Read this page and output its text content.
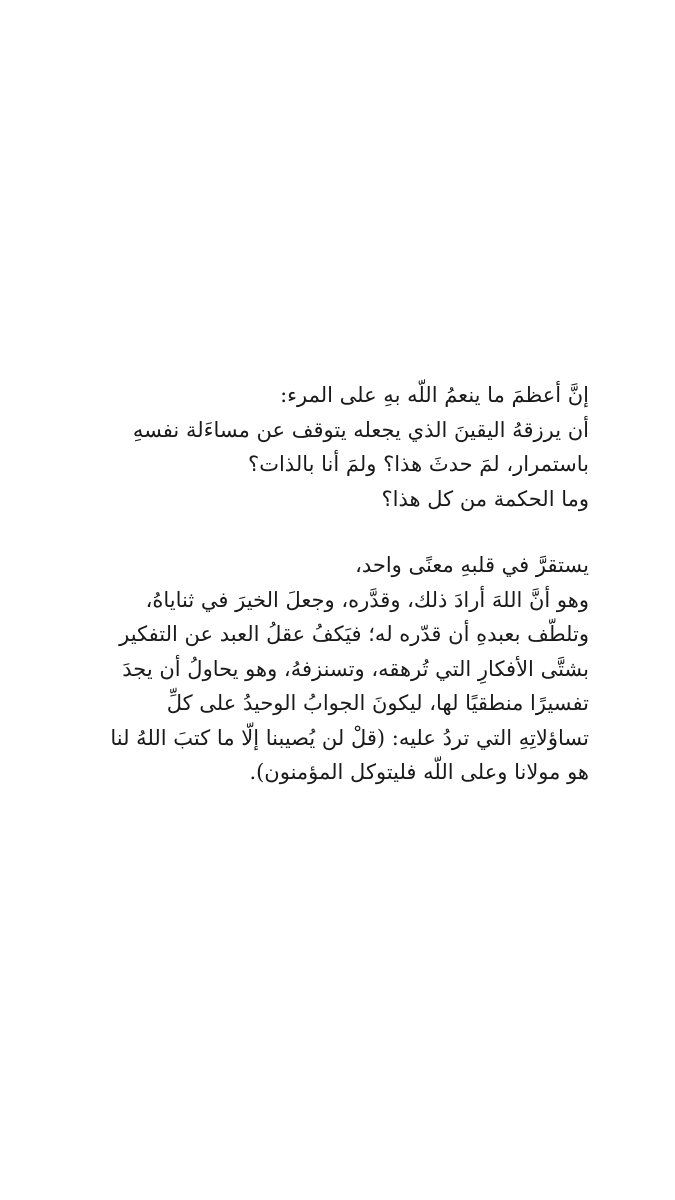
إنَّ أعظمَ ما ينعمُ اللّه بهِ على المرء:
أن يرزقهُ اليقينَ الذي يجعله يتوقف عن مساءَلة نفسهِ
باستمرار، لمَ حدثَ هذا؟ ولمَ أنا بالذات؟
وما الحكمة من كل هذا؟
يستقرَّ في قلبهِ معنًى واحد،
وهو أنَّ اللهَ أرادَ ذلك، وقدَّره، وجعلَ الخيرَ في ثناياهُ،
وتلطّف بعبدهِ أن قدّره له؛ فيَكفُ عقلُ العبد عن التفكير
بشتَّى الأفكارِ التي تُرهقه، وتسنزفهُ، وهو يحاولُ أن يجدَ
تفسيرًا منطقيًا لها، ليكونَ الجوابُ الوحيدُ على كلِّ
تساؤلاتِهِ التي تردُ عليه: (قلْ لن يُصيبنا إلّا ما كتبَ اللهُ لنا
هو مولانا وعلى اللّه فليتوكل المؤمنون).
